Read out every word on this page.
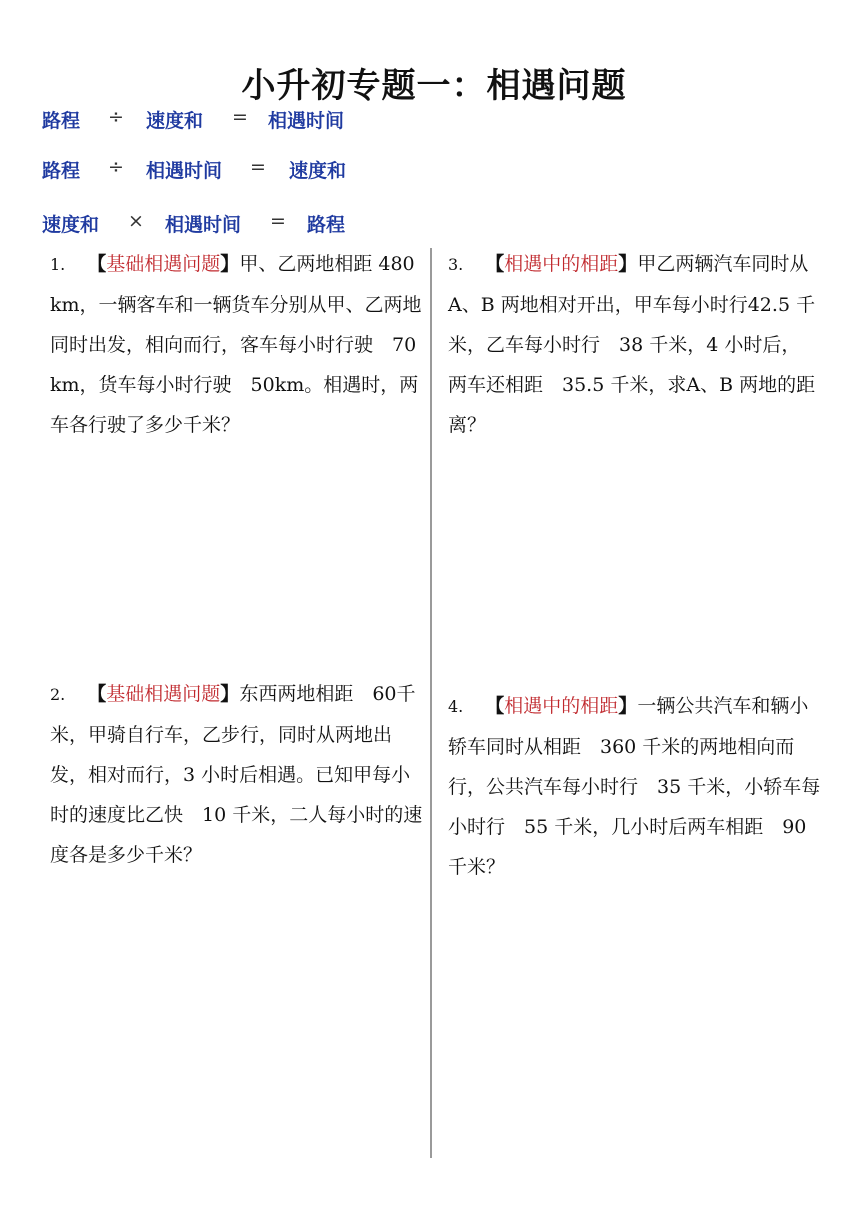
小升初专题一：相遇问题
路程 ÷ 速度和 = 相遇时间
路程 ÷ 相遇时间 = 速度和
速度和 × 相遇时间 = 路程
1. 【基础相遇问题】甲、乙两地相距 480km，一辆客车和一辆货车分别从甲、乙两地同时出发，相向而行，客车每小时行驶　70km，货车每小时行驶　50km。相遇时，两车各行驶了多少千米？
2. 【基础相遇问题】东西两地相距　60千米，甲骑自行车，乙步行，同时从两地出发，相对而行，3 小时后相遇。已知甲每小时的速度比乙快　10 千米，二人每小时的速度各是多少千米？
3. 【相遇中的相距】甲乙两辆汽车同时从 A、B 两地相对开出，甲车每小时行42.5 千米，乙车每小时行　38 千米，4 小时后，　两车还相距　35.5 千米，求A、B 两地的距离？
4. 【相遇中的相距】一辆公共汽车和辆小轿车同时从相距　360 千米的两地相向而行，公共汽车每小时行　35 千米，小轿车每小时行　55 千米，几小时后两车相距　90千米？
